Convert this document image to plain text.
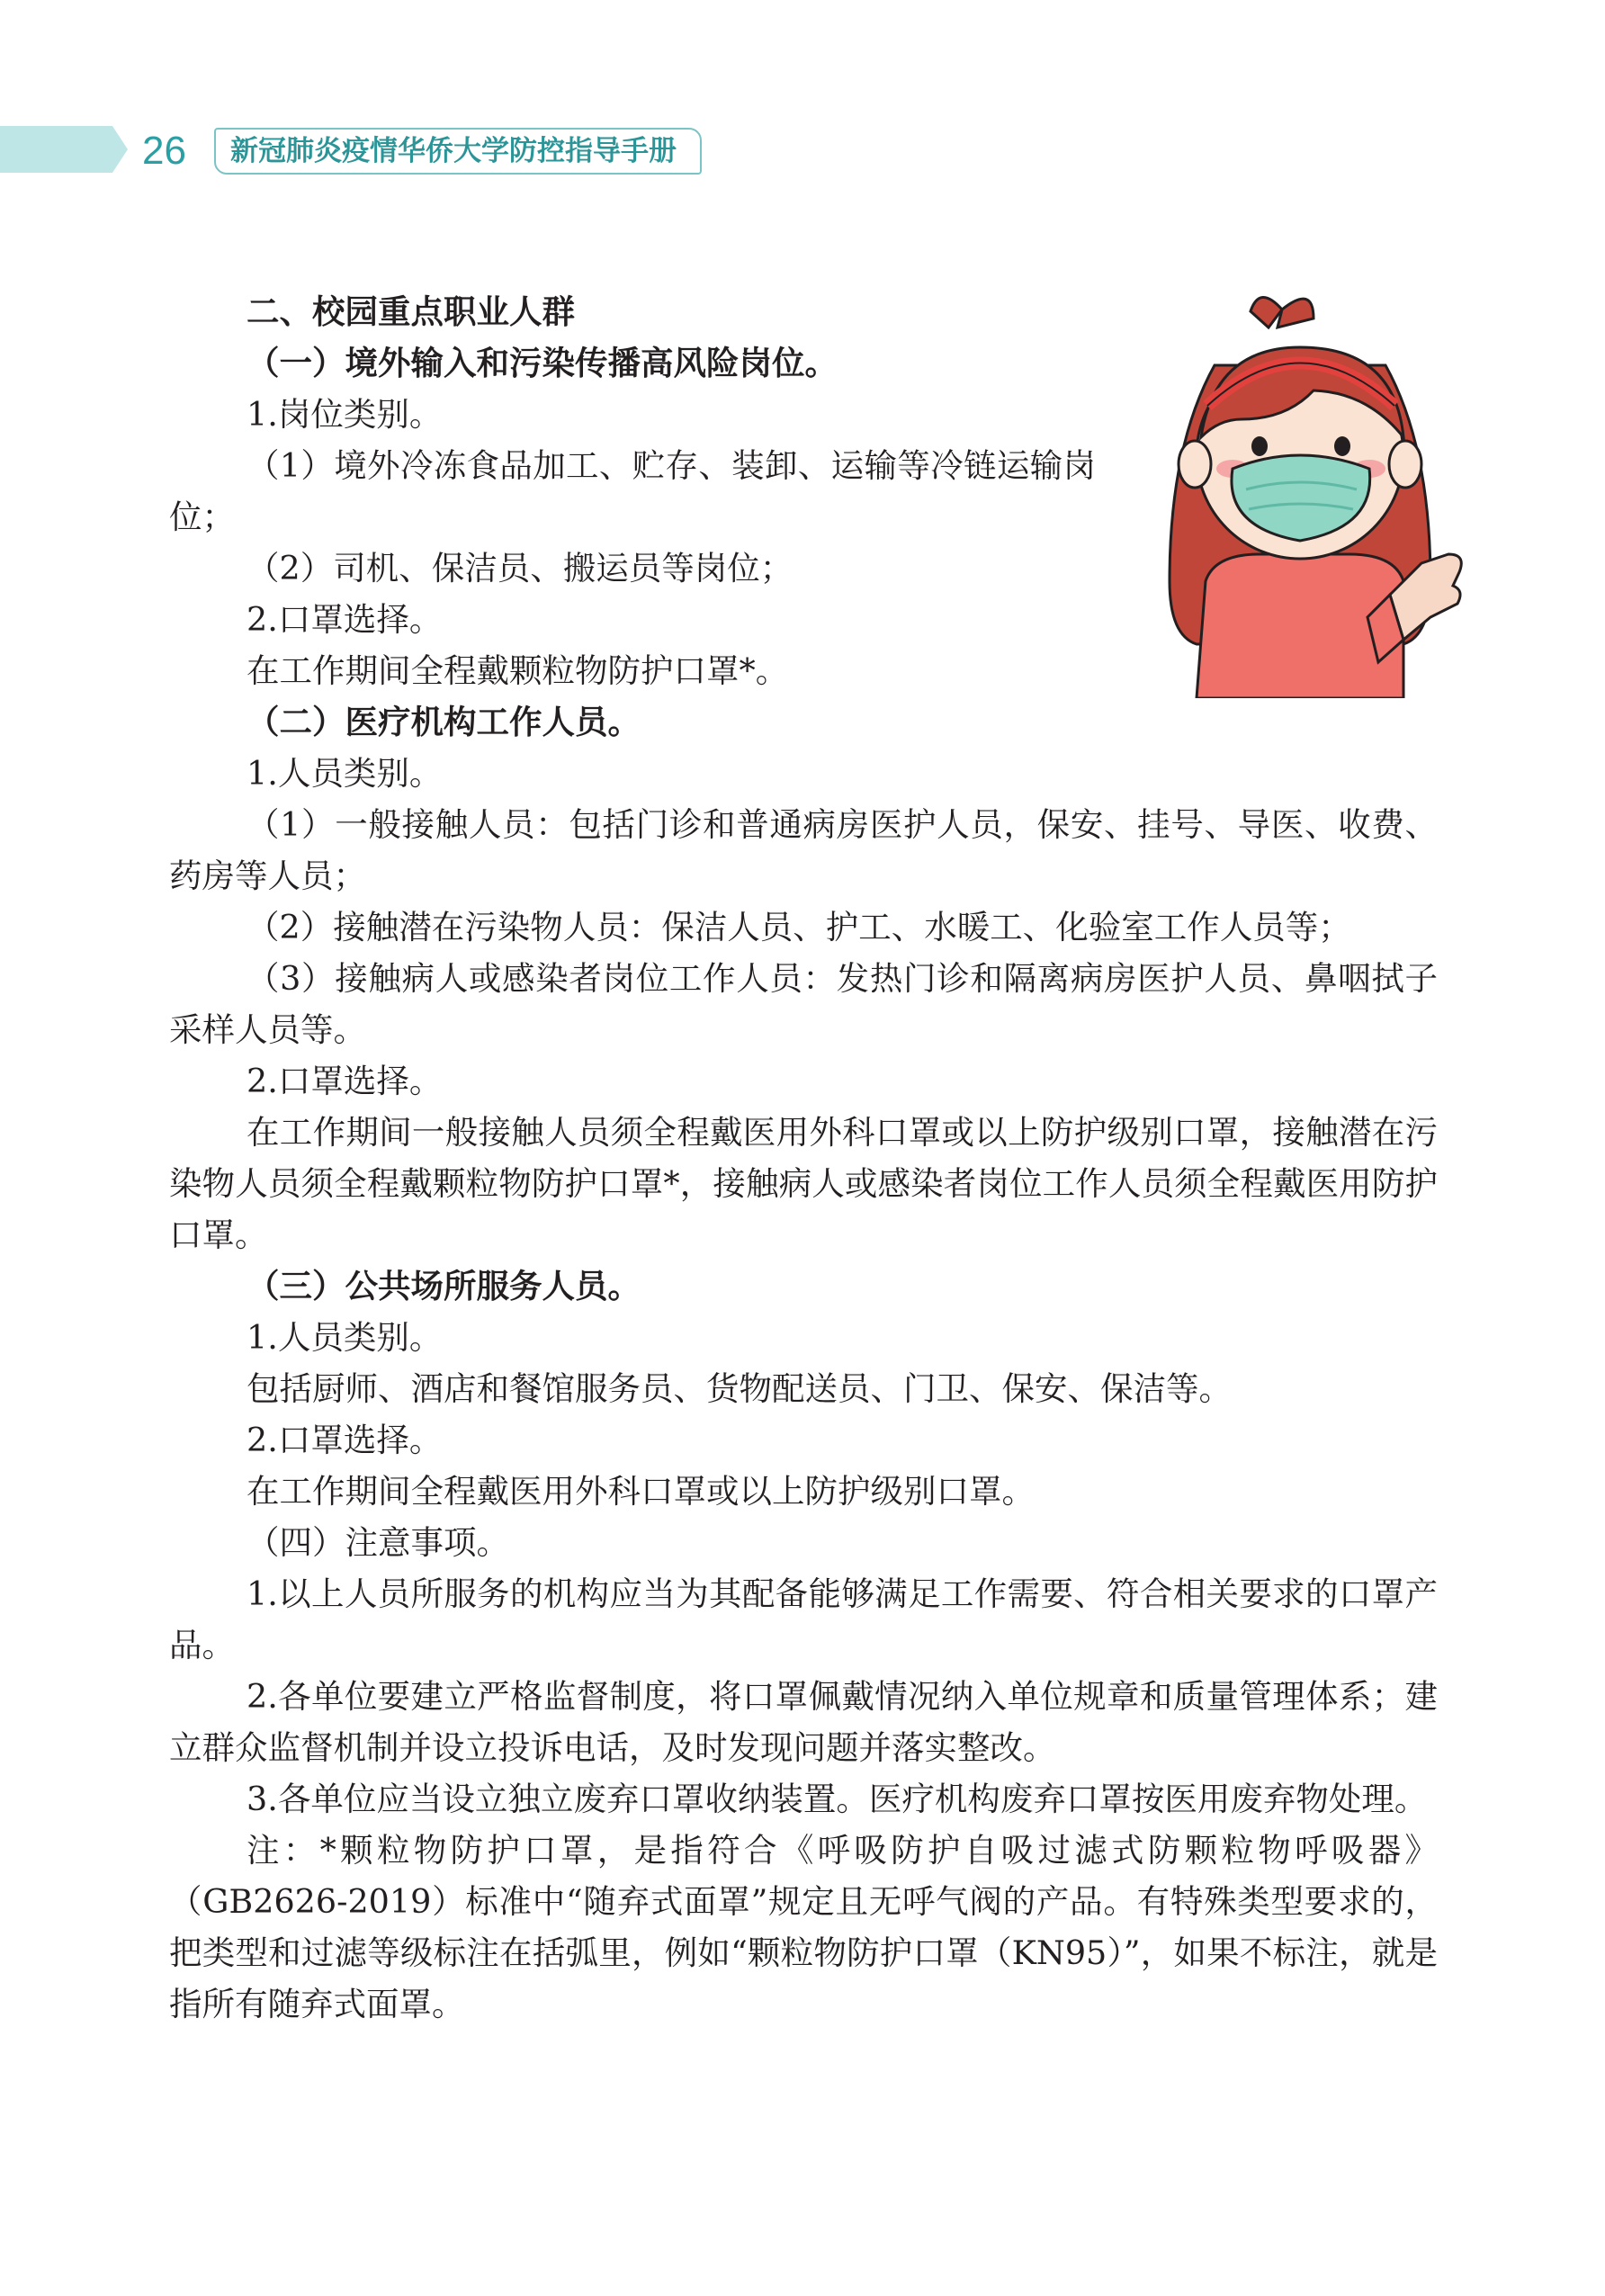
26	新冠肺炎疫情华侨大学防控指导手册

二、校园重点职业人群

（一）境外输入和污染传播高风险岗位。

1.岗位类别。

（1）境外冷冻食品加工、贮存、装卸、运输等冷链运输岗位；

（2）司机、保洁员、搬运员等岗位；

2.口罩选择。

在工作期间全程戴颗粒物防护口罩*。

（二）医疗机构工作人员。

1.人员类别。

（1）一般接触人员：包括门诊和普通病房医护人员，保安、挂号、导医、收费、药房等人员；

（2）接触潜在污染物人员：保洁人员、护工、水暖工、化验室工作人员等；

（3）接触病人或感染者岗位工作人员：发热门诊和隔离病房医护人员、鼻咽拭子采样人员等。

2.口罩选择。

在工作期间一般接触人员须全程戴医用外科口罩或以上防护级别口罩，接触潜在污染物人员须全程戴颗粒物防护口罩*，接触病人或感染者岗位工作人员须全程戴医用防护口罩。

（三）公共场所服务人员。

1.人员类别。

包括厨师、酒店和餐馆服务员、货物配送员、门卫、保安、保洁等。

2.口罩选择。

在工作期间全程戴医用外科口罩或以上防护级别口罩。

（四）注意事项。

1.以上人员所服务的机构应当为其配备能够满足工作需要、符合相关要求的口罩产品。

2.各单位要建立严格监督制度，将口罩佩戴情况纳入单位规章和质量管理体系；建立群众监督机制并设立投诉电话，及时发现问题并落实整改。

3.各单位应当设立独立废弃口罩收纳装置。医疗机构废弃口罩按医用废弃物处理。

注：*颗粒物防护口罩，是指符合《呼吸防护自吸过滤式防颗粒物呼吸器》（GB2626-2019）标准中“随弃式面罩”规定且无呼气阀的产品。有特殊类型要求的，把类型和过滤等级标注在括弧里，例如“颗粒物防护口罩（KN95）”，如果不标注，就是指所有随弃式面罩。
